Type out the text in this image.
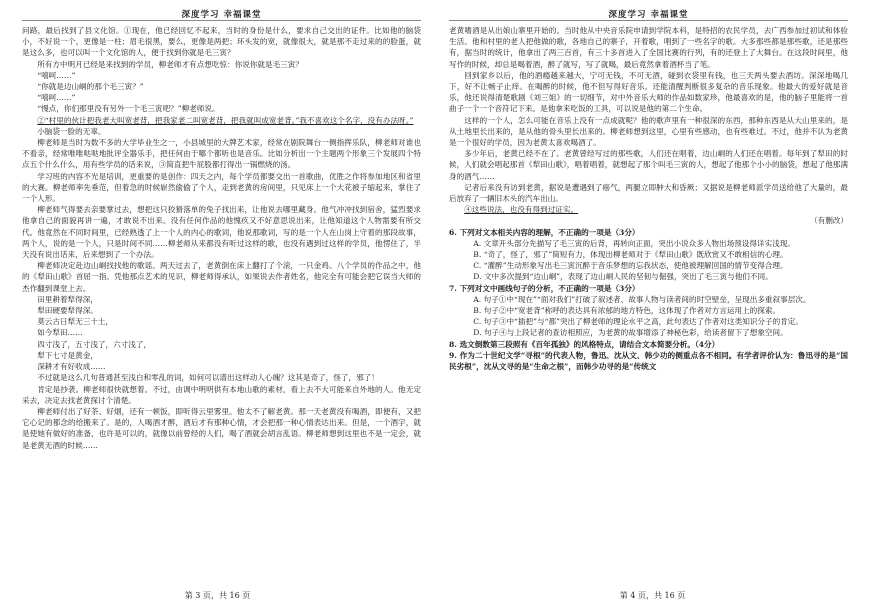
深度学习 幸福课堂

问路，最后找到了县文化馆。①现在，他已经回忆不起来，当时的身份是什么，要求自己交出的证件。比如他的脑袋小，不好说一个，更像是一柱；眉毛很黑，要么，更像是两把；环头发的宽，就像很大，就是那不走过来的的脸蛋，就是这么多，也可以叫一个文化馆的人，便于找到你就是毛三寅？

所有方中明月已经是来找到的学员，柳老师才有点想吃惊：你说你就是毛三寅？

“嘻呵……”

“你就是边山峒的那个毛三寅？”

“嘻呵……”

“慢点，你们那里没有另外一个毛三寅吧？”柳老师说。

②“村里的伙计把我老大叫宽老背，把我家老二叫宽老背，把我就叫成宽老背。”我不喜欢这个名字，没有办法呀。”

小脑袋一脸的无辜。

柳老师是当时为数不多的大学毕业生之一，小县城里的大牌艺术家，经常在剧院舞台一侧指挥乐队，柳老师对谁也不看亲，经常唯唯哒哒地批评全器乐手，把任何由于哪个都听也是音乐。比如分析出一个主题两个形象三个发展四个特点五个什么什么，用有些学员的话来说，③简直把牛屁股都打得出一锅燃烧的汤。

学习班的内容不光是培训，更重要的是创作：四天之内，每个学员都要交出一首歌曲，优胜之作将参加地区和省里的大赛。柳老师率先垂范，但着急的时候崭然偷偷了个人，走到老黄的房间里，只见床上一个大花被子缩起来，掌住了一个人形。

柳老师气得要去亲要掌过去，想把这只狡猾落单的兔子找出来，让他说去哪里藏身。他气冲冲找到宿舍，猛烈要求他拿自己的面貌再讲一遍，才敢说不出来。没有任何作品的他愧疚又不好意思说出来，让他知道这个人物需要有所交代。他竟然在不同时间里，已经熟透了上一个人的内心的歌词，他说那歌词，写的是一个人在山岗上守着的那段故事，两个人，说的是一个人，只是时间不同……柳老师从来都没有听过这样的歌，也没有遇到过这样的学员，他愣住了，半天没有说出话来，后来想到了一个办法。

柳老师决定赴边山峒找找他的歌谣。两天过去了，老黄倒在床上翻打了个滚，一只金鸡。八个学员的作品之中，他的《犁田山歌》首屈一指。凭他那点艺术的见识，柳老师得承认，如果说去作者姓名，他完全有可能会把它误当大师的杰作翻到课堂上去。

田里耕着犁得深，

犁田硬要犁得深。

莫云古日犁无三十土，

如今犁田……

四寸浅了，五寸浅了，六寸浅了，

犁下七寸是黄金，

深耕才有好收成……

不过就是这么几句普通甚至浅白和零乱的词，如何可以谱出这样动人心魄？这其是奇了，怪了，邪了！

肯定是抄袭。柳老师很快就想着。不过，由调中明明供有本地山歌的素材，看上去不大可能来自外地的人。他无定采去，决定去找老黄探讨个清楚。

柳老师付出了好茶、好烟，还有一顿饭，即听得云里雾里。他太不了解老黄。那一天老黄没有喝酒，即便有，又把它心记的都念的给搬来了。是的，人喝酒才醉，酒后才有那种心情，才会把那一种心情表达出来。但是，一个酒字，就是使她有做好的准备，也许是可以的，就像以前曾经的人们，喝了酒就会胡言乱语。柳老师想到这里也不是一定会，就是老黄无酒的时候……

第 3 页，共 16 页
深度学习 幸福课堂

老黄嗜酒是从出娘山寨里开始的。当时他从中央音乐院申请到学院本科，是特招的农民学员，去广西参加过初试和体验生活。他和村里的老人把他做的歌，各地自己的寨子，开着歌，唱到了一些名字的歌。大多那些都是那些歌，还是那些有，据当时的统计，他拿出了两三百首，有三十多首进入了全国比赛的行列，有的还登上了大舞台。在这段时间里，他写作的时候，却总是喝着酒，醉了就写，写了就喝，最后竟然拿着酒杯当了笔。

回到家乡以后，他的酒瘾越来越大，宁可无钱，不可无酒，碰到衣袋里有钱，也三天两头要去酒坊。深深地喝几下，好不让畅子止痒。在喝醉的时候，他不但写得好音乐，还能清醒判断很多复杂的音乐现象。他最大的爱好就是音乐，他还说得清楚歌剧《刘三姐》的一切细节，对中外音乐大师的作品如数家珍，他最喜欢的是，他的脑子里能将一首曲子一个一个音符记下来。是他拿来吃饭的工具，可以说是他的第二个生命。

这样的一个人，怎么可能在音乐上没有一点成就呢？他的歌声里有一种很深的东西，那种东西是从大山里来的，是从土地里长出来的，是从他的骨头里长出来的。柳老师想到这里，心里有些感动，也有些难过。不过，他并不认为老黄是一个很好的学员，因为老黄太喜欢喝酒了。

多少年后，老黄已经不在了。老黄曾经写过的那些歌，人们还在唱着，边山峒的人们还在唱着。每年到了犁田的时候，人们就会唱起那首《犁田山歌》，唱着唱着，就想起了那个叫毛三寅的人，想起了他那个小小的脑袋，想起了他那满身的酒气……

记者后来没有访到老黄，据说是遭遇到了癌气，两腿立即肿大和昏厥；又据说是柳老师派学员送给他了大量的，最后放弃了一辆旧木头的汽车出山。

④这些说法，也没有得到过证实。

（有删改）

6. 下列对文本相关内容的理解，不正确的一项是（3分）

A. 文章开头部分先描写了毛三寅的后背，再转向正面，突出小说众多人物出场预设得详实浅现。

B. “奇了，怪了，邪了”简短有力，体现出柳老师对于《犁田山歌》既欣赏又不敢相信的心理。

C. “灌醉”生动形象写出毛三寅沉醉于音乐梦想的忘我状态，使他被理解回国的情节变得合理。

D. 文中多次提到“边山峒”，表现了边山峒人民的坚韧与倔强，突出了毛三寅与他们不同。

7. 下列对文中画线句子的分析，不正确的一项是（3分）

A. 句子①中“现在”“面对我们”打破了叙述者、故事人物与读者间的时空壁垒，呈现出多重叙事层次。

B. 句子②中“宽老背”称呼的表达具有浓郁的地方特色，这体现了作者对方言运用上的探索。

C. 句子③中“插把”与“都”突出了柳老师的理论水平之高，此句表达了作者对这类知识分子的肯定。

D. 句子④与上段记者的查访相照应，为老黄的故事增添了神秘色彩，给读者留下了想象空间。

8. 选文倒数第三段照有《百年孤独》的风格特点，请结合文本简要分析。（4分）

9. 作为二十世纪文学“寻根”的代表人物，鲁迅、沈从文、韩少功的侧重点各不相同。有学者评价认为：鲁迅寻的是“国民劣根”，沈从文寻的是“生命之根”，而韩少功寻的是“传统文

第 4 页，共 16 页
